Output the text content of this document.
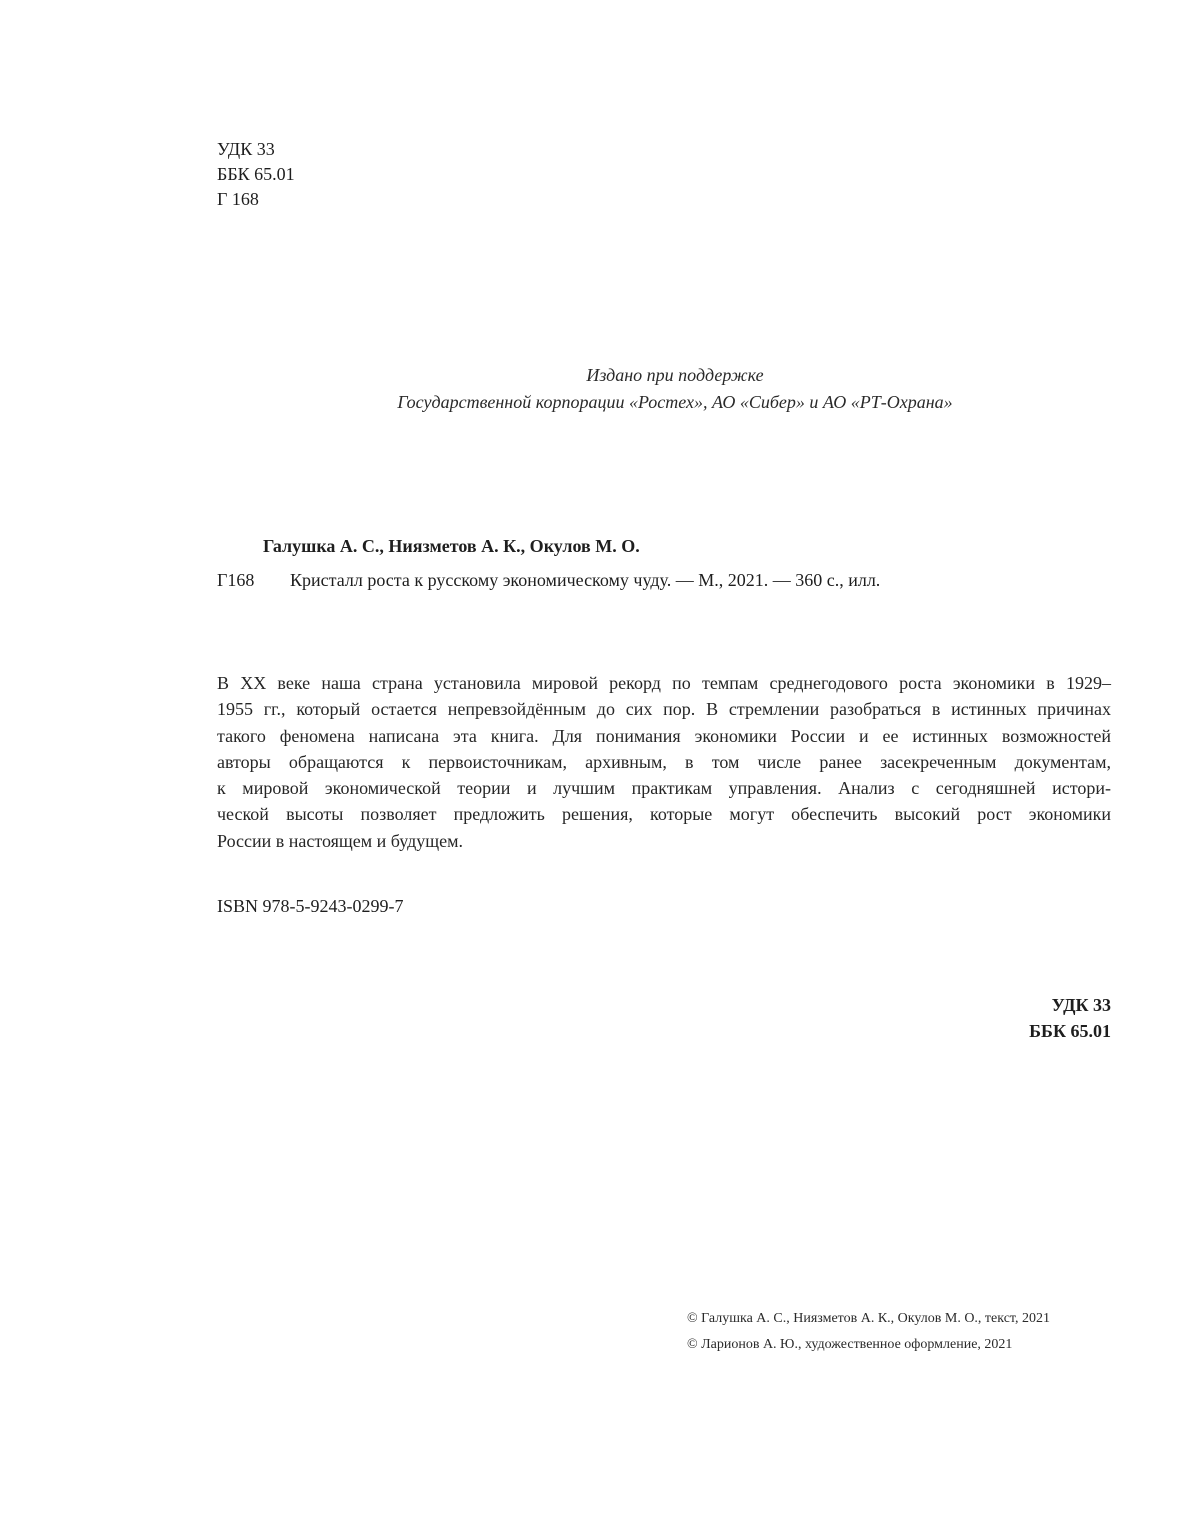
УДК 33
ББК 65.01
Г 168
Издано при поддержке
Государственной корпорации «Ростех», АО «Сибер» и АО «РТ-Охрана»
Галушка А. С., Ниязметов А. К., Окулов М. О.
Г168 Кристалл роста к русскому экономическому чуду. — М., 2021. — 360 с., илл.
В ХХ веке наша страна установила мировой рекорд по темпам среднегодового роста экономики в 1929–
1955 гг., который остается непревзойдённым до сих пор. В стремлении разобраться в истинных причинах
такого феномена написана эта книга. Для понимания экономики России и ее истинных возможностей
авторы обращаются к первоисточникам, архивным, в том числе ранее засекреченным документам,
к мировой экономической теории и лучшим практикам управления. Анализ с сегодняшней истори-
ческой высоты позволяет предложить решения, которые могут обеспечить высокий рост экономики
России в настоящем и будущем.
ISBN 978-5-9243-0299-7
УДК 33
ББК 65.01
© Галушка А. С., Ниязметов А. К., Окулов М. О., текст, 2021
© Ларионов А. Ю., художественное оформление, 2021
